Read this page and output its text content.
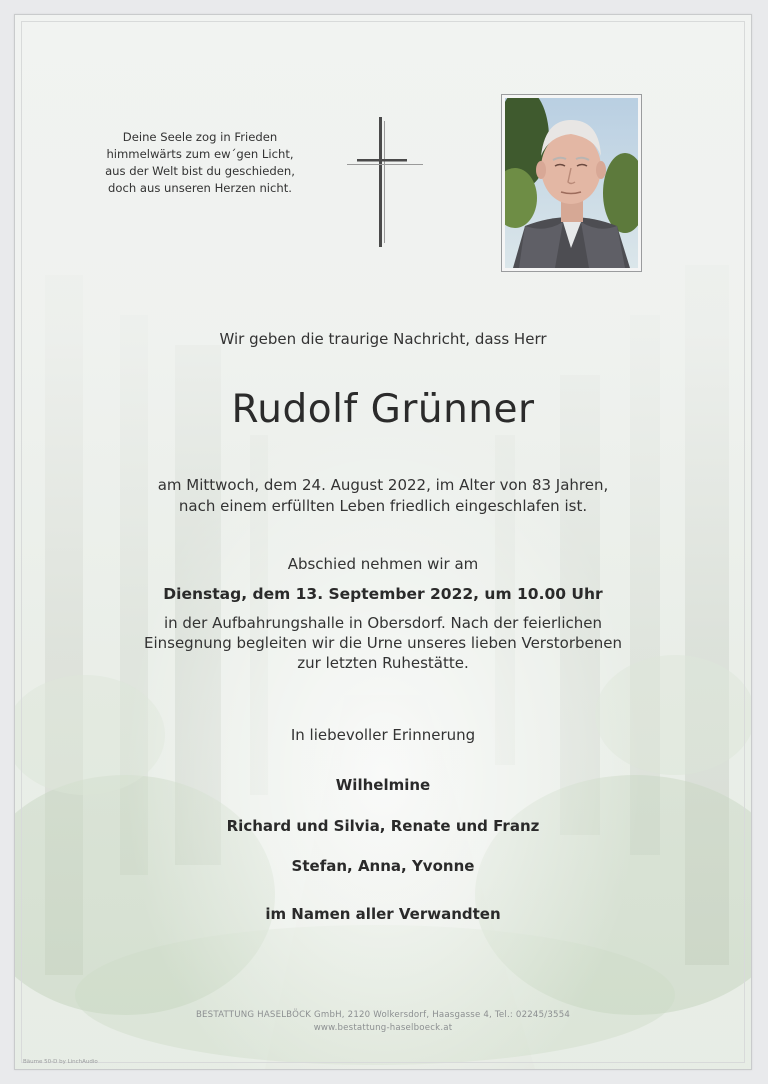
Deine Seele zog in Frieden
himmelwärts zum ew´gen Licht,
aus der Welt bist du geschieden,
doch aus unseren Herzen nicht.
Wir geben die traurige Nachricht, dass Herr
Rudolf Grünner
am Mittwoch, dem 24. August 2022, im Alter von 83 Jahren,
nach einem erfüllten Leben friedlich eingeschlafen ist.
Abschied nehmen wir am
Dienstag, dem 13. September 2022, um 10.00 Uhr
in der Aufbahrungshalle in Obersdorf. Nach der feierlichen
Einsegnung begleiten wir die Urne unseres lieben Verstorbenen
zur letzten Ruhestätte.
In liebevoller Erinnerung
Wilhelmine
Richard und Silvia, Renate und Franz
Stefan, Anna, Yvonne
im Namen aller Verwandten
BESTATTUNG HASELBÖCK GmbH, 2120 Wolkersdorf, Haasgasse 4, Tel.: 02245/3554
www.bestattung-haselboeck.at
Bäume 50-D by LinchAudio
